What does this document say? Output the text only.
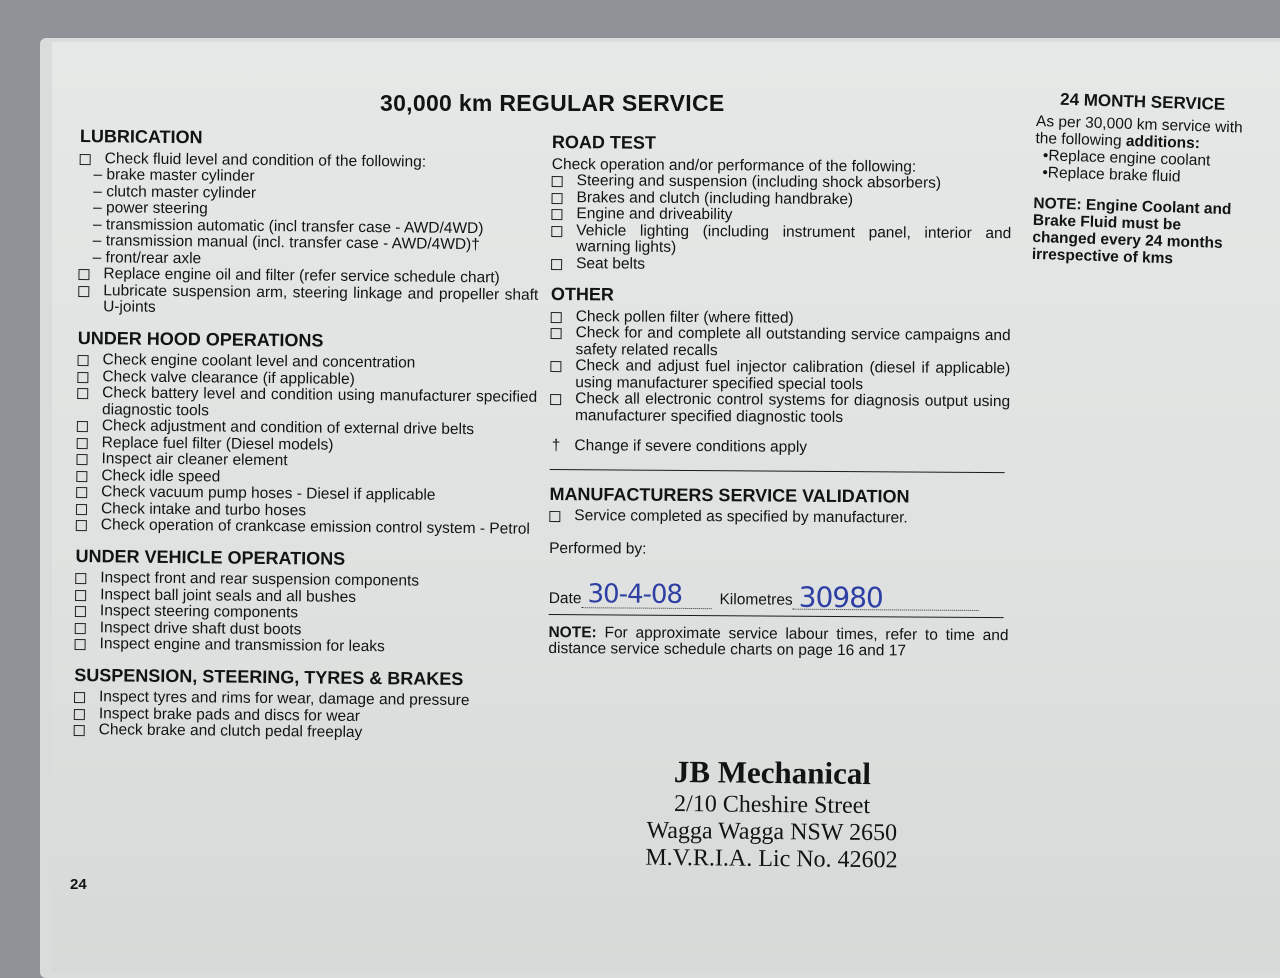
30,000 km REGULAR SERVICE

LUBRICATION

Check fluid level and condition of the following:
– brake master cylinder
– clutch master cylinder
– power steering
– transmission automatic (incl transfer case - AWD/4WD)
– transmission manual (incl. transfer case - AWD/4WD)†
– front/rear axle
Replace engine oil and filter (refer service schedule chart)
Lubricate suspension arm, steering linkage and propeller shaft U-joints

UNDER HOOD OPERATIONS

Check engine coolant level and concentration
Check valve clearance (if applicable)
Check battery level and condition using manufacturer specified diagnostic tools
Check adjustment and condition of external drive belts
Replace fuel filter (Diesel models)
Inspect air cleaner element
Check idle speed
Check vacuum pump hoses - Diesel if applicable
Check intake and turbo hoses
Check operation of crankcase emission control system - Petrol

UNDER VEHICLE OPERATIONS

Inspect front and rear suspension components
Inspect ball joint seals and all bushes
Inspect steering components
Inspect drive shaft dust boots
Inspect engine and transmission for leaks

SUSPENSION, STEERING, TYRES & BRAKES

Inspect tyres and rims for wear, damage and pressure
Inspect brake pads and discs for wear
Check brake and clutch pedal freeplay

ROAD TEST

Check operation and/or performance of the following:
Steering and suspension (including shock absorbers)
Brakes and clutch (including handbrake)
Engine and driveability
Vehicle lighting (including instrument panel, interior and warning lights)
Seat belts

OTHER

Check pollen filter (where fitted)
Check for and complete all outstanding service campaigns and safety related recalls
Check and adjust fuel injector calibration (diesel if applicable) using manufacturer specified special tools
Check all electronic control systems for diagnosis output using manufacturer specified diagnostic tools
† Change if severe conditions apply

MANUFACTURERS SERVICE VALIDATION

Service completed as specified by manufacturer.
Performed by:
Date 30-4-08 Kilometres 30980
NOTE: For approximate service labour times, refer to time and distance service schedule charts on page 16 and 17

24 MONTH SERVICE

As per 30,000 km service with the following additions:
•Replace engine coolant
•Replace brake fluid
NOTE: Engine Coolant and Brake Fluid must be changed every 24 months irrespective of kms
JB Mechanical
2/10 Cheshire Street
Wagga Wagga NSW 2650
M.V.R.I.A. Lic No. 42602
24
